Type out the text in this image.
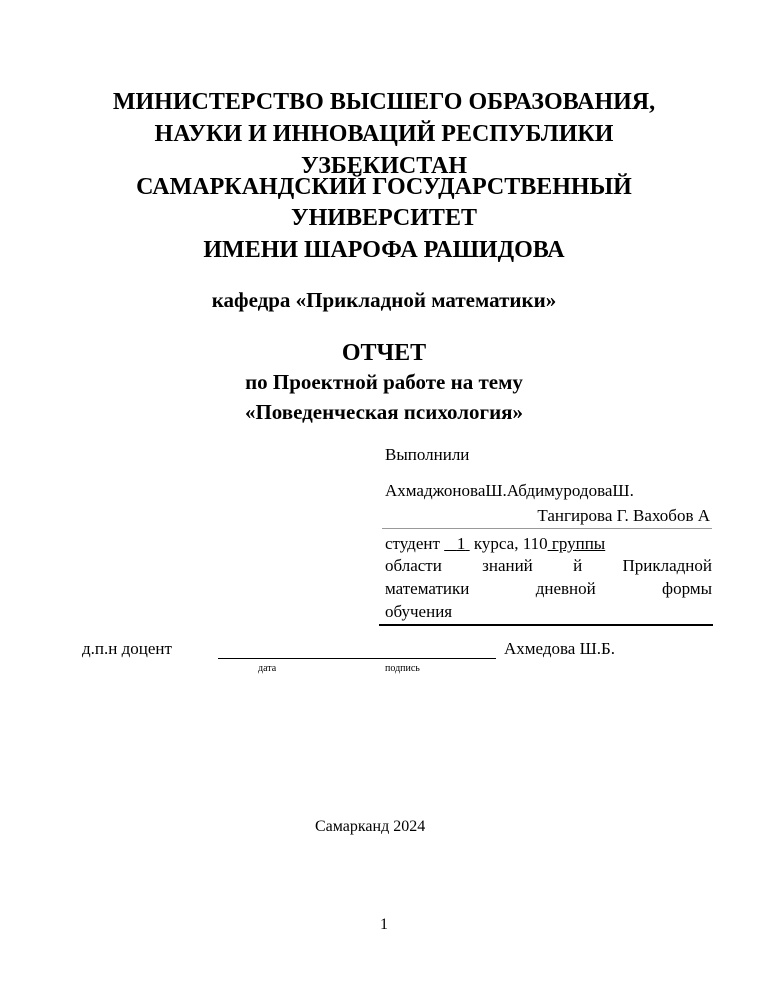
МИНИСТЕРСТВО ВЫСШЕГО ОБРАЗОВАНИЯ,
НАУКИ И ИННОВАЦИЙ РЕСПУБЛИКИ
УЗБЕКИСТАН
САМАРКАНДСКИЙ ГОСУДАРСТВЕННЫЙ
УНИВЕРСИТЕТ
ИМЕНИ ШАРОФА РАШИДОВА
кафедра «Прикладной математики»
ОТЧЕТ
по Проектной работе на тему
«Поведенческая психология»
Выполнили
АхмаджоноваШ.АбдимуродоваШ.
Тангирова Г. Вахобов А
студент    1  курса, 110 группы
области знаний й Прикладной
математики дневной формы
обучения
д.п.н доцент	Ахмедова Ш.Б.
дата	подпись
Самарканд 2024
1
